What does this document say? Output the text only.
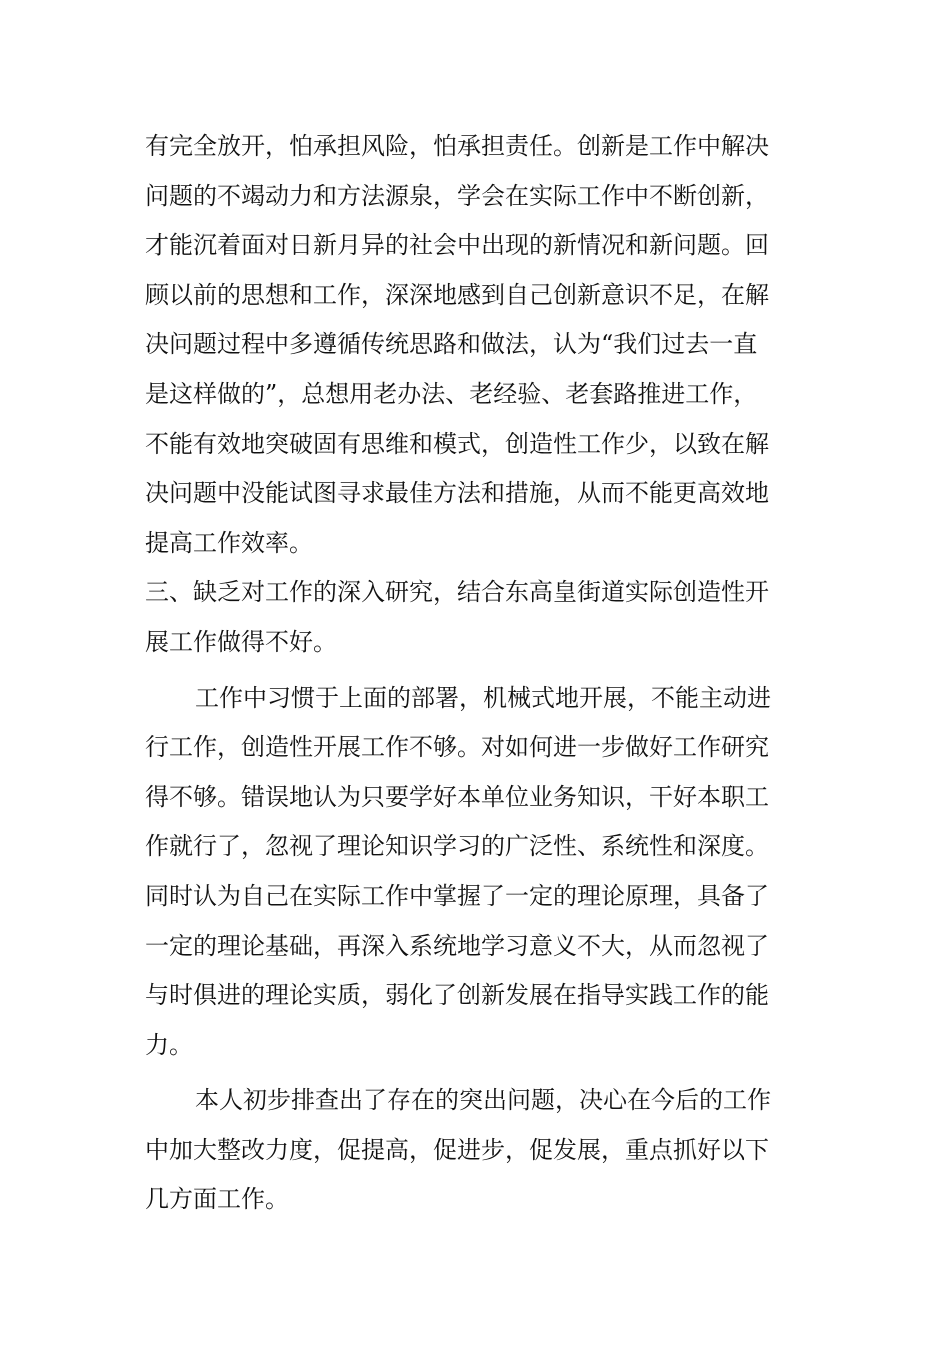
有完全放开，怕承担风险，怕承担责任。创新是工作中解决
问题的不竭动力和方法源泉，学会在实际工作中不断创新，
才能沉着面对日新月异的社会中出现的新情况和新问题。回
顾以前的思想和工作，深深地感到自己创新意识不足，在解
决问题过程中多遵循传统思路和做法，认为“我们过去一直
是这样做的”，总想用老办法、老经验、老套路推进工作，
不能有效地突破固有思维和模式，创造性工作少，以致在解
决问题中没能试图寻求最佳方法和措施，从而不能更高效地
提高工作效率。
三、缺乏对工作的深入研究，结合东高皇街道实际创造性开
展工作做得不好。
工作中习惯于上面的部署，机械式地开展，不能主动进
行工作，创造性开展工作不够。对如何进一步做好工作研究
得不够。错误地认为只要学好本单位业务知识，干好本职工
作就行了，忽视了理论知识学习的广泛性、系统性和深度。
同时认为自己在实际工作中掌握了一定的理论原理，具备了
一定的理论基础，再深入系统地学习意义不大，从而忽视了
与时俱进的理论实质，弱化了创新发展在指导实践工作的能
力。
本人初步排查出了存在的突出问题，决心在今后的工作
中加大整改力度，促提高，促进步，促发展，重点抓好以下
几方面工作。
